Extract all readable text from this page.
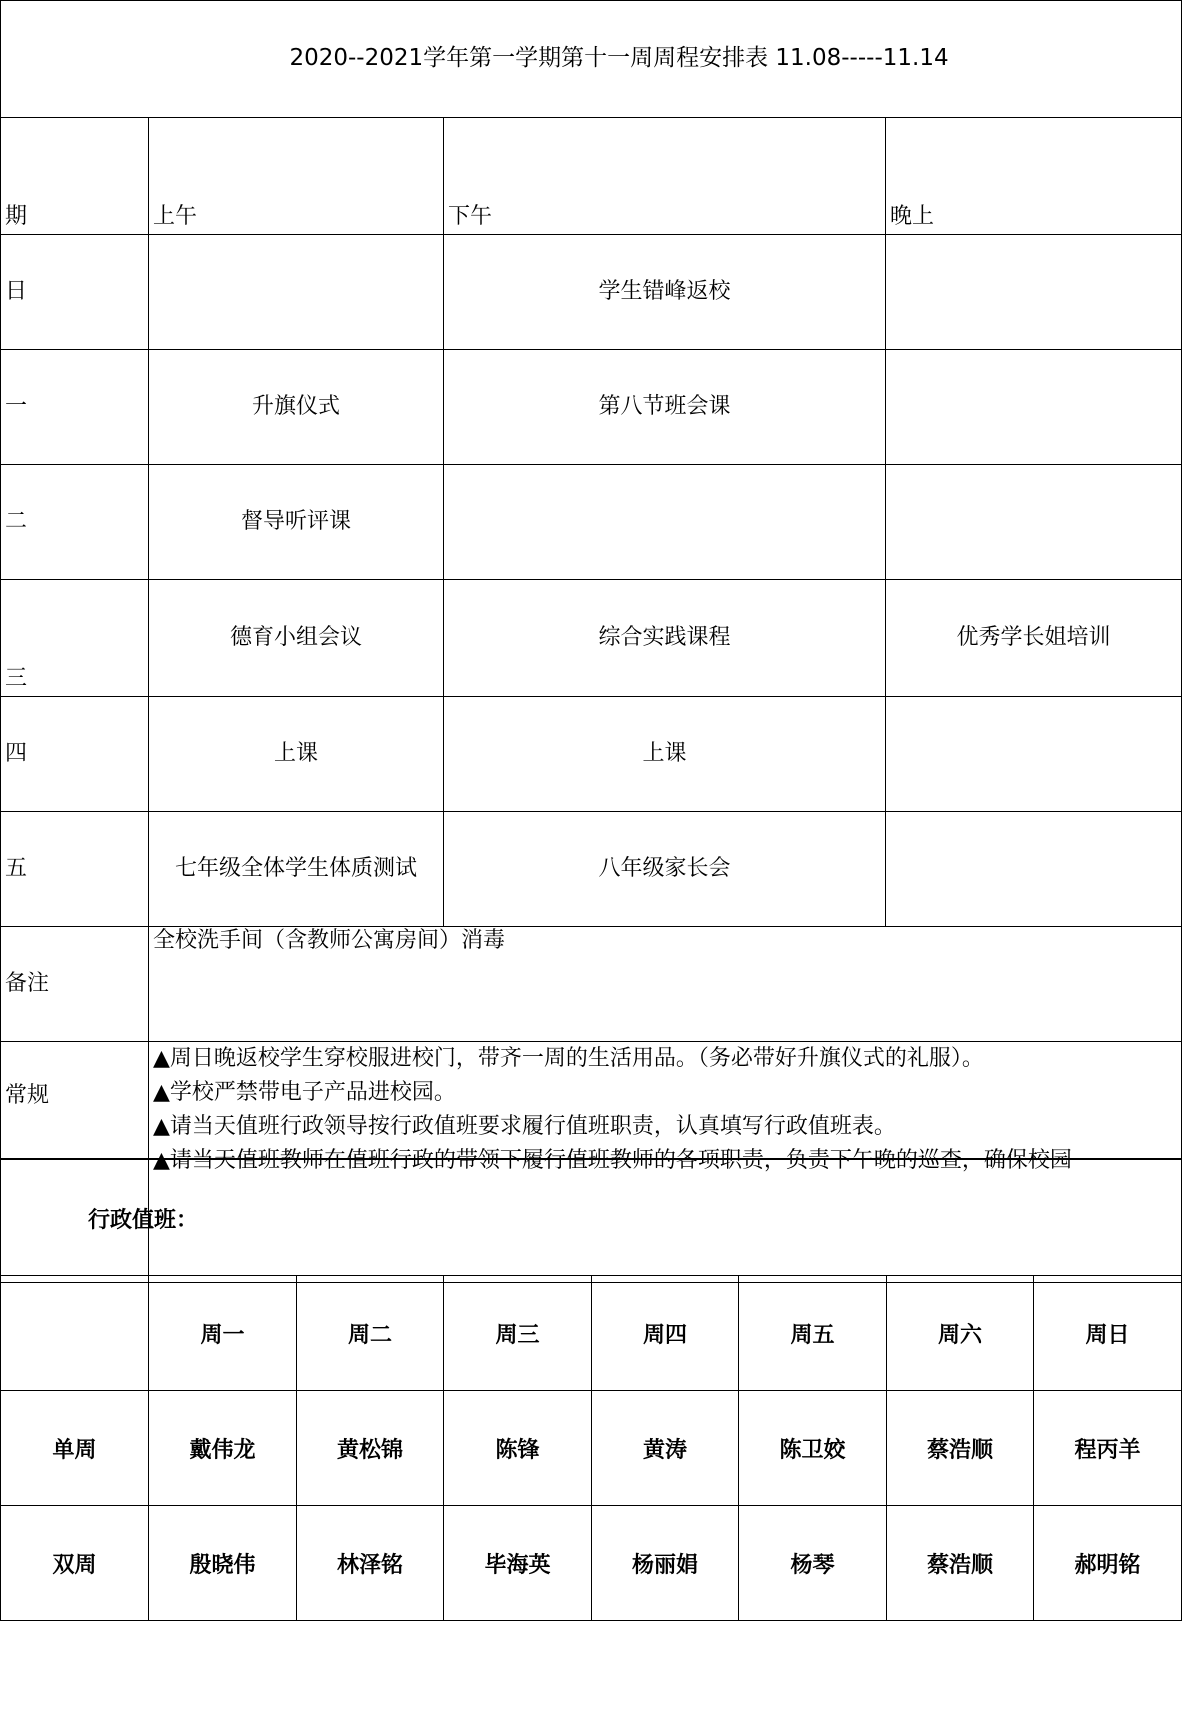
2020--2021学年第一学期第十一周周程安排表 11.08-----11.14			
期	上午	下午	晚上
日		学生错峰返校	
一	升旗仪式	第八节班会课	
二	督导听评课		
三	德育小组会议	综合实践课程	优秀学长姐培训
四	上课	上课	
五	七年级全体学生体质测试	八年级家长会	
备注	全校洗手间（含教师公寓房间）消毒		
常规	▲周日晚返校学生穿校服进校门，带齐一周的生活用品。（务必带好升旗仪式的礼服）。
▲学校严禁带电子产品进校园。
▲请当天值班行政领导按行政值班要求履行值班职责，认真填写行政值班表。
▲请当天值班教师在值班行政的带领下履行值班教师的各项职责，负责下午晚的巡查，确保校园		
行政值班：
	周一	周二	周三	周四	周五	周六	周日
单周	戴伟龙	黄松锦	陈锋	黄涛	陈卫姣	蔡浩顺	程丙羊
双周	殷晓伟	林泽铭	毕海英	杨丽娟	杨琴	蔡浩顺	郝明铭
